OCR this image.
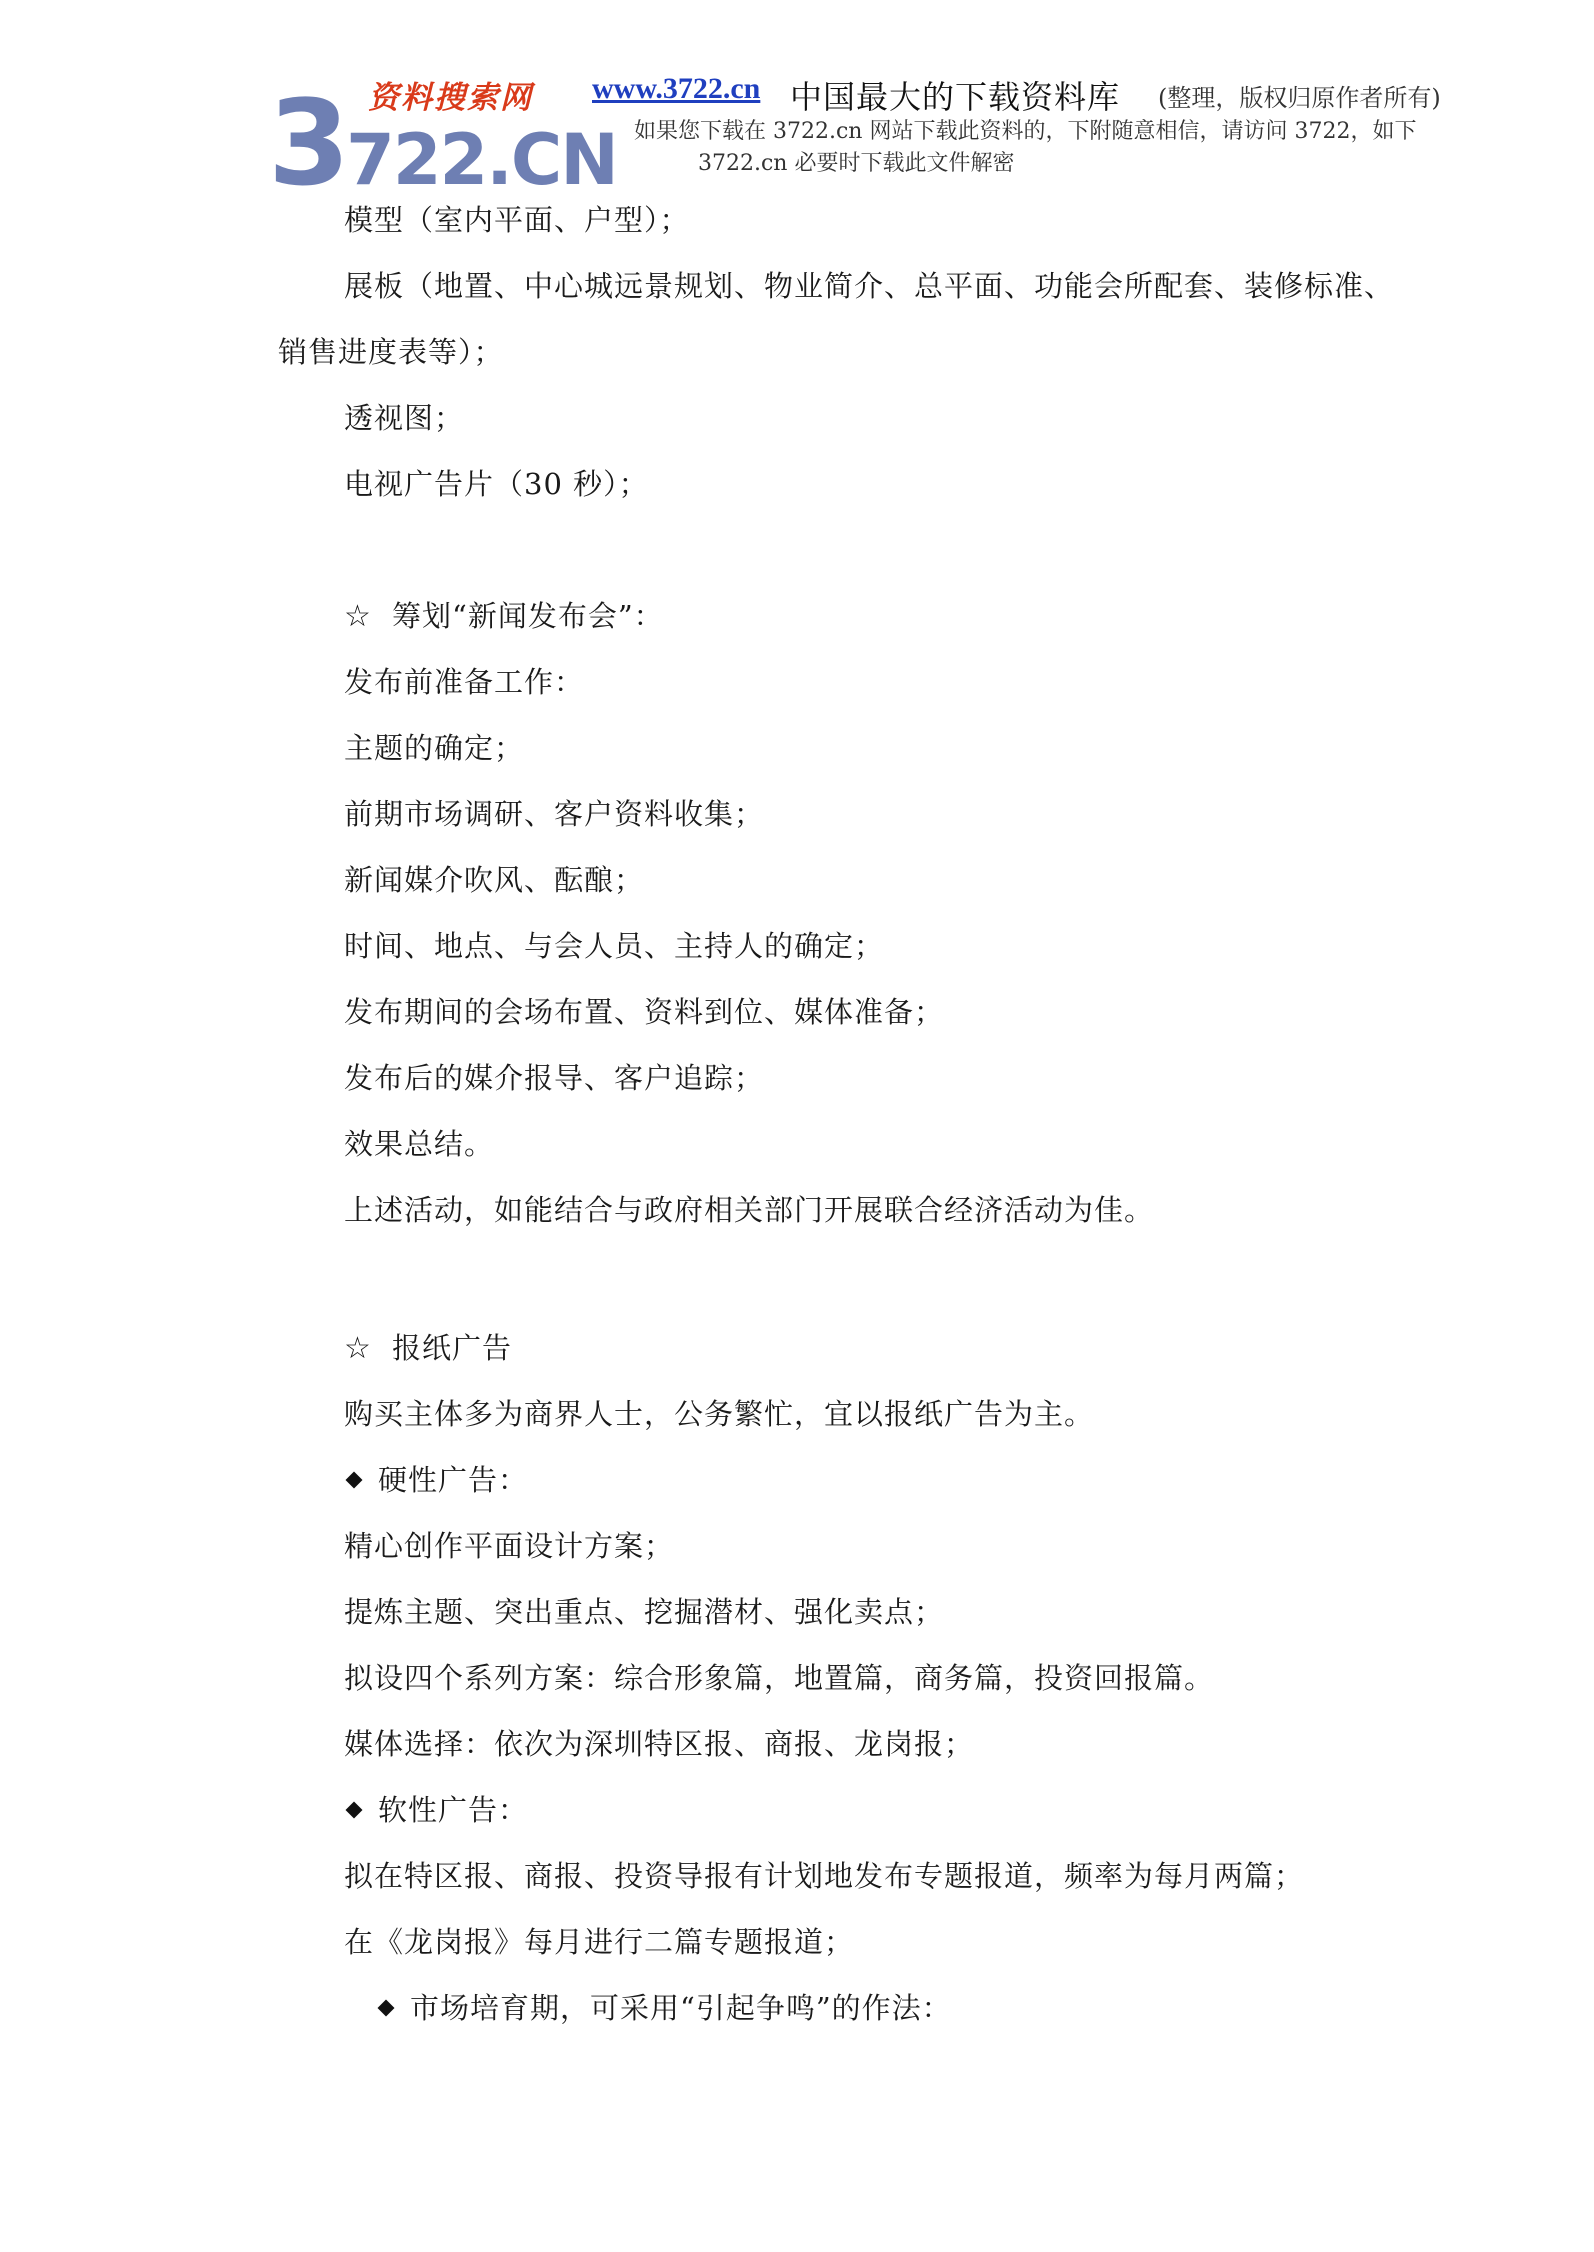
资料搜索网
3722.CN
www.3722.cn 中国最大的下载资料库 (整理，版权归原作者所有)
如果您下载在 3722.cn 网站下载此资料的，下附随意相信，请访问 3722，如下
3722.cn 必要时下载此文件解密
模型（室内平面、户型）；
展板（地置、中心城远景规划、物业简介、总平面、功能会所配套、装修标准、
销售进度表等）；
透视图；
电视广告片（30 秒）；
☆ 筹划“新闻发布会”：
发布前准备工作：
主题的确定；
前期市场调研、客户资料收集；
新闻媒介吹风、酝酿；
时间、地点、与会人员、主持人的确定；
发布期间的会场布置、资料到位、媒体准备；
发布后的媒介报导、客户追踪；
效果总结。
上述活动，如能结合与政府相关部门开展联合经济活动为佳。
☆ 报纸广告
购买主体多为商界人士，公务繁忙，宜以报纸广告为主。
硬性广告：
精心创作平面设计方案；
提炼主题、突出重点、挖掘潜材、强化卖点；
拟设四个系列方案：综合形象篇，地置篇，商务篇，投资回报篇。
媒体选择：依次为深圳特区报、商报、龙岗报；
软性广告：
拟在特区报、商报、投资导报有计划地发布专题报道，频率为每月两篇；
在《龙岗报》每月进行二篇专题报道；
市场培育期，可采用“引起争鸣”的作法：
